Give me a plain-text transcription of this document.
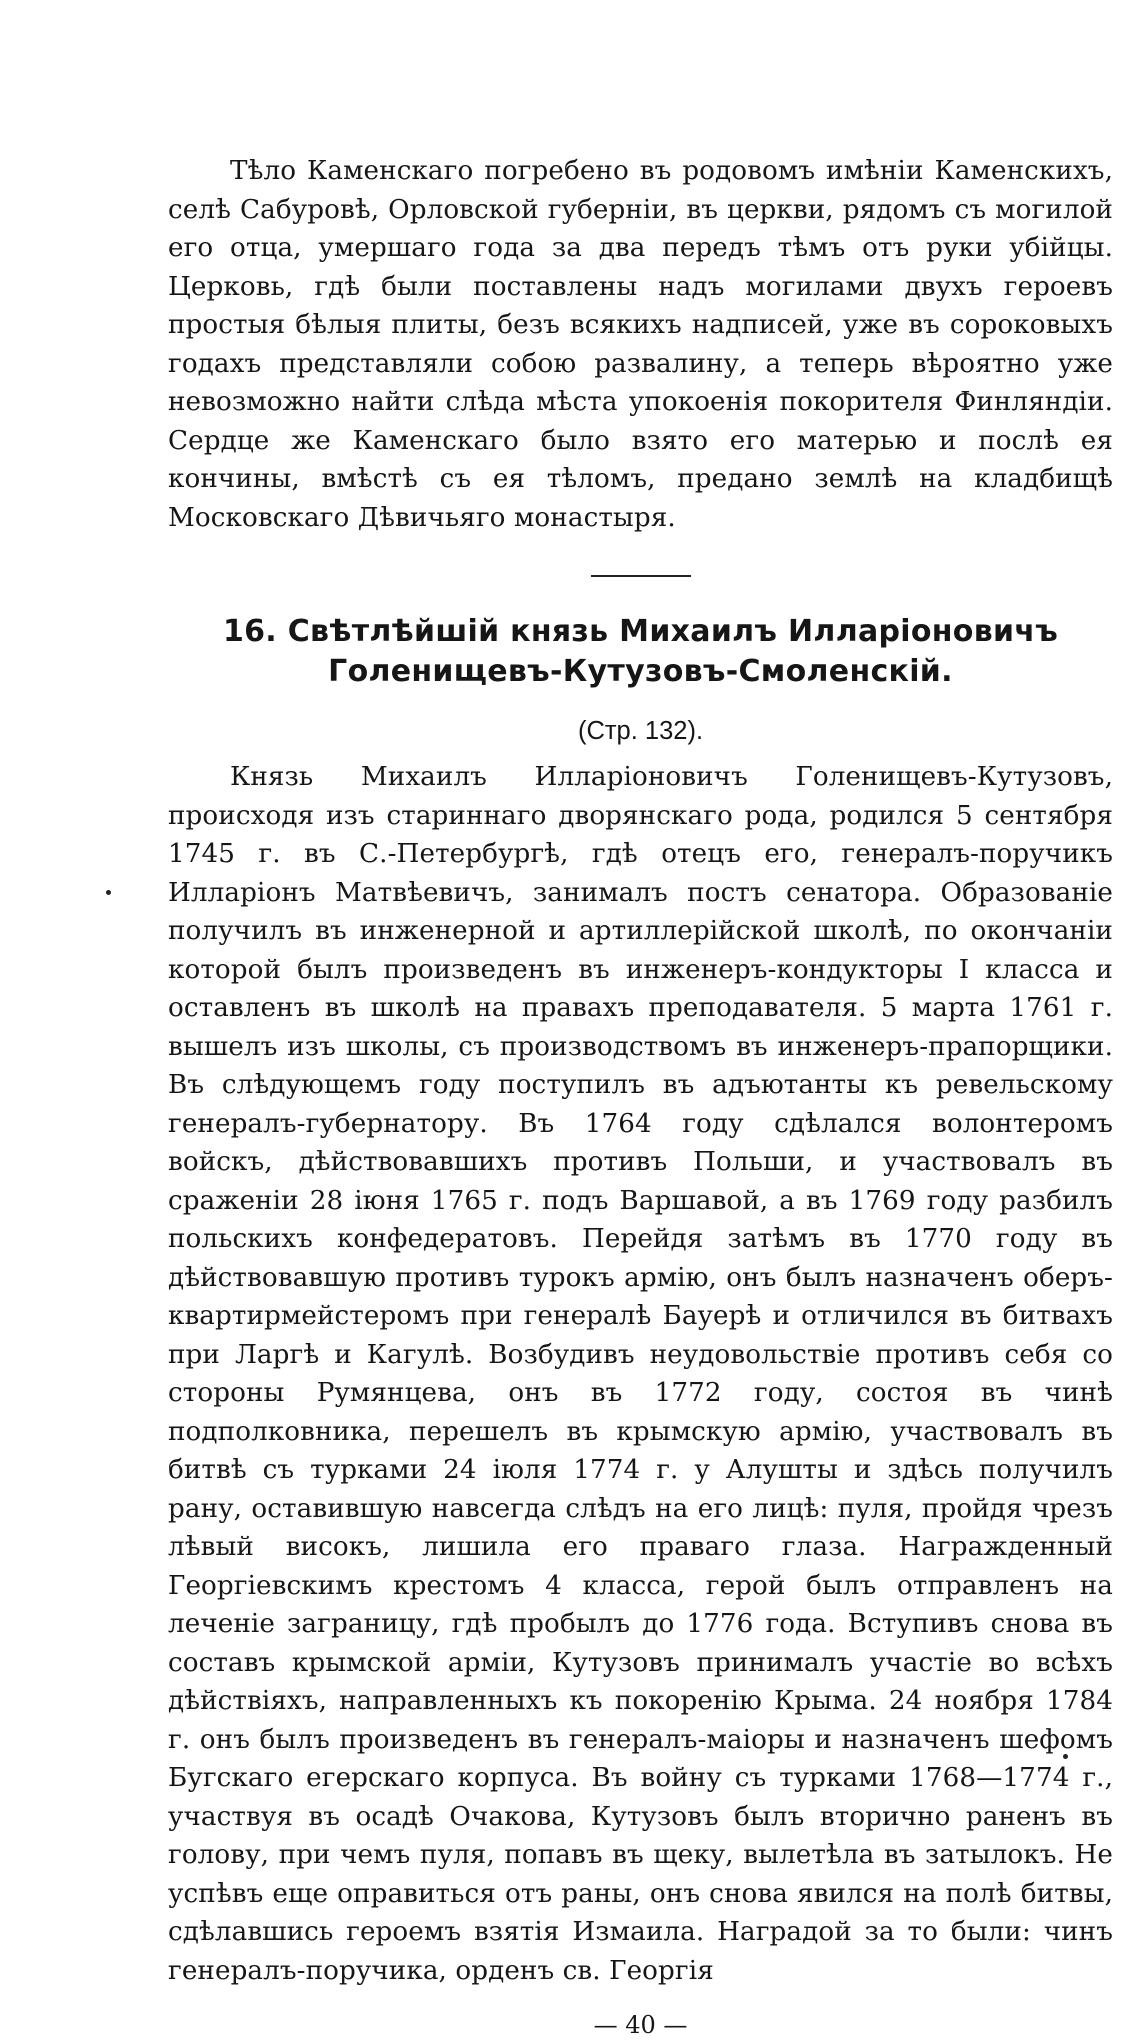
Тѣло Каменскаго погребено въ родовомъ имѣніи Каменскихъ, селѣ Сабуровѣ, Орловской губерніи, въ церкви, рядомъ съ могилой его отца, умершаго года за два передъ тѣмъ отъ руки убійцы. Церковь, гдѣ были поставлены надъ могилами двухъ героевъ простыя бѣлыя плиты, безъ всякихъ надписей, уже въ сороковыхъ годахъ представляли собою развалину, а теперь вѣроятно уже невозможно найти слѣда мѣста упокоенія покорителя Финляндіи. Сердце же Каменскаго было взято его матерью и послѣ ея кончины, вмѣстѣ съ ея тѣломъ, предано землѣ на кладбищѣ Московскаго Дѣвичьяго монастыря.

16. Свѣтлѣйшій князь Михаилъ Илларіоновичъ Голенищевъ-Кутузовъ-Смоленскій.
(Стр. 132).

Князь Михаилъ Илларіоновичъ Голенищевъ-Кутузовъ, происходя изъ стариннаго дворянскаго рода, родился 5 сентября 1745 г. въ С.-Петербургѣ, гдѣ отецъ его, генералъ-поручикъ Илларіонъ Матвѣевичъ, занималъ постъ сенатора. Образованіе получилъ въ инженерной и артиллерійской школѣ, по окончаніи которой былъ произведенъ въ инженеръ-кондукторы I класса и оставленъ въ школѣ на правахъ преподавателя. 5 марта 1761 г. вышелъ изъ школы, съ производствомъ въ инженеръ-прапорщики. Въ слѣдующемъ году поступилъ въ адъютанты къ ревельскому генералъ-губернатору. Въ 1764 году сдѣлался волонтеромъ войскъ, дѣйствовавшихъ противъ Польши, и участвовалъ въ сраженіи 28 іюня 1765 г. подъ Варшавой, а въ 1769 году разбилъ польскихъ конфедератовъ. Перейдя затѣмъ въ 1770 году въ дѣйствовавшую противъ турокъ армію, онъ былъ назначенъ оберъ-квартирмейстеромъ при генералѣ Бауерѣ и отличился въ битвахъ при Ларгѣ и Кагулѣ. Возбудивъ неудовольствіе противъ себя со стороны Румянцева, онъ въ 1772 году, состоя въ чинѣ подполковника, перешелъ въ крымскую армію, участвовалъ въ битвѣ съ турками 24 іюля 1774 г. у Алушты и здѣсь получилъ рану, оставившую навсегда слѣдъ на его лицѣ: пуля, пройдя чрезъ лѣвый високъ, лишила его праваго глаза. Награжденный Георгіевскимъ крестомъ 4 класса, герой былъ отправленъ на леченіе заграницу, гдѣ пробылъ до 1776 года. Вступивъ снова въ составъ крымской арміи, Кутузовъ принималъ участіе во всѣхъ дѣйствіяхъ, направленныхъ къ покоренію Крыма. 24 ноября 1784 г. онъ былъ произведенъ въ генералъ-маіоры и назначенъ шефомъ Бугскаго егерскаго корпуса. Въ войну съ турками 1768—1774 г., участвуя въ осадѣ Очакова, Кутузовъ былъ вторично раненъ въ голову, при чемъ пуля, попавъ въ щеку, вылетѣла въ затылокъ. Не успѣвъ еще оправиться отъ раны, онъ снова явился на полѣ битвы, сдѣлавшись героемъ взятія Измаила. Наградой за то были: чинъ генералъ-поручика, орденъ св. Георгія

— 40 —
